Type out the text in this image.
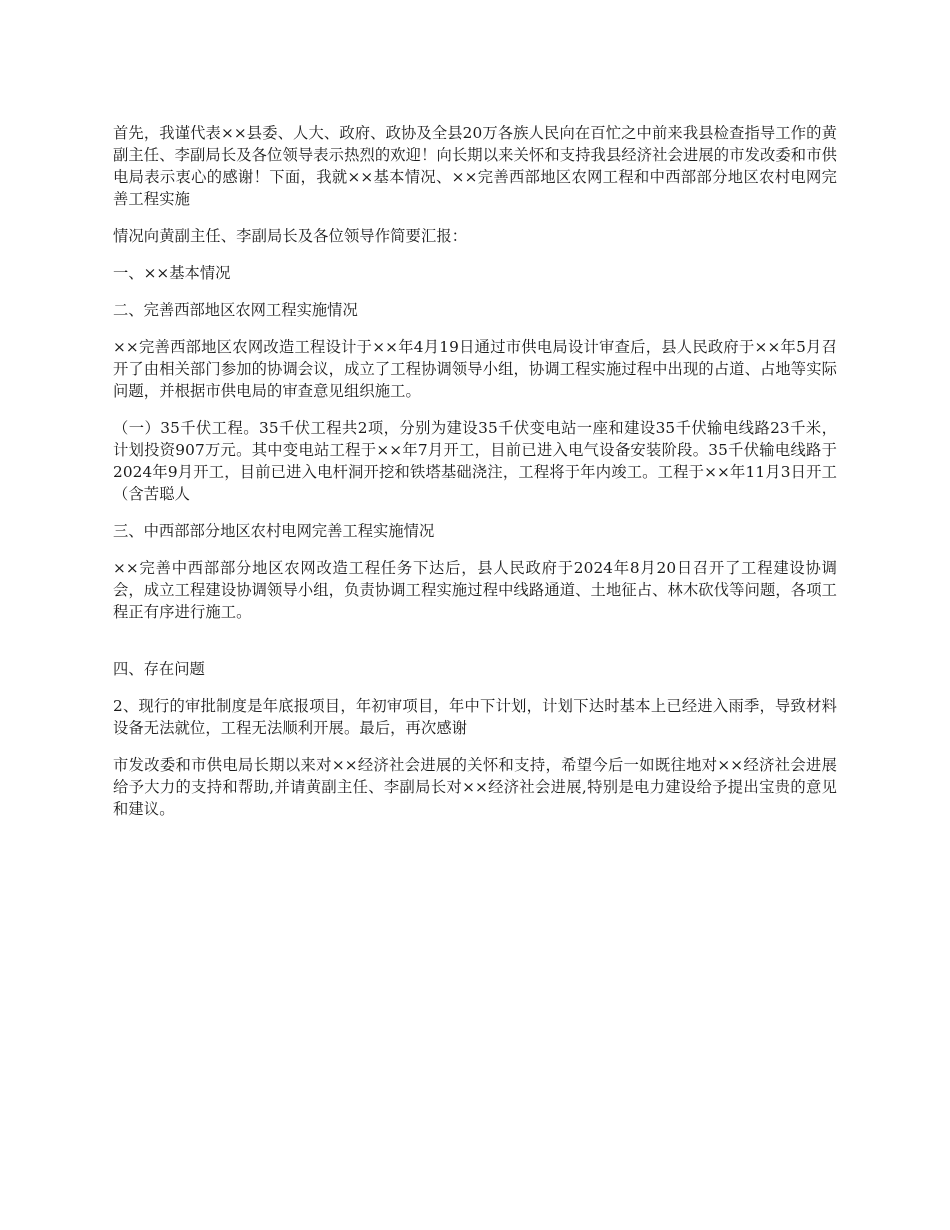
首先，我谨代表××县委、人大、政府、政协及全县20万各族人民向在百忙之中前来我县检查指导工作的黄副主任、李副局长及各位领导表示热烈的欢迎！向长期以来关怀和支持我县经济社会进展的市发改委和市供电局表示衷心的感谢！下面，我就××基本情况、××完善西部地区农网工程和中西部部分地区农村电网完善工程实施

情况向黄副主任、李副局长及各位领导作简要汇报：

一、××基本情况

二、完善西部地区农网工程实施情况

××完善西部地区农网改造工程设计于××年4月19日通过市供电局设计审查后，县人民政府于××年5月召开了由相关部门参加的协调会议，成立了工程协调领导小组，协调工程实施过程中出现的占道、占地等实际问题，并根据市供电局的审查意见组织施工。

（一）35千伏工程。35千伏工程共2项，分别为建设35千伏变电站一座和建设35千伏输电线路23千米，计划投资907万元。其中变电站工程于××年7月开工，目前已进入电气设备安装阶段。35千伏输电线路于2024年9月开工，目前已进入电杆洞开挖和铁塔基础浇注，工程将于年内竣工。工程于××年11月3日开工（含苦聪人

三、中西部部分地区农村电网完善工程实施情况

××完善中西部部分地区农网改造工程任务下达后，县人民政府于2024年8月20日召开了工程建设协调会，成立工程建设协调领导小组，负责协调工程实施过程中线路通道、土地征占、林木砍伐等问题，各项工程正有序进行施工。

四、存在问题

2、现行的审批制度是年底报项目，年初审项目，年中下计划，计划下达时基本上已经进入雨季，导致材料设备无法就位，工程无法顺利开展。最后，再次感谢

市发改委和市供电局长期以来对××经济社会进展的关怀和支持，希望今后一如既往地对××经济社会进展给予大力的支持和帮助,并请黄副主任、李副局长对××经济社会进展,特别是电力建设给予提出宝贵的意见和建议。
